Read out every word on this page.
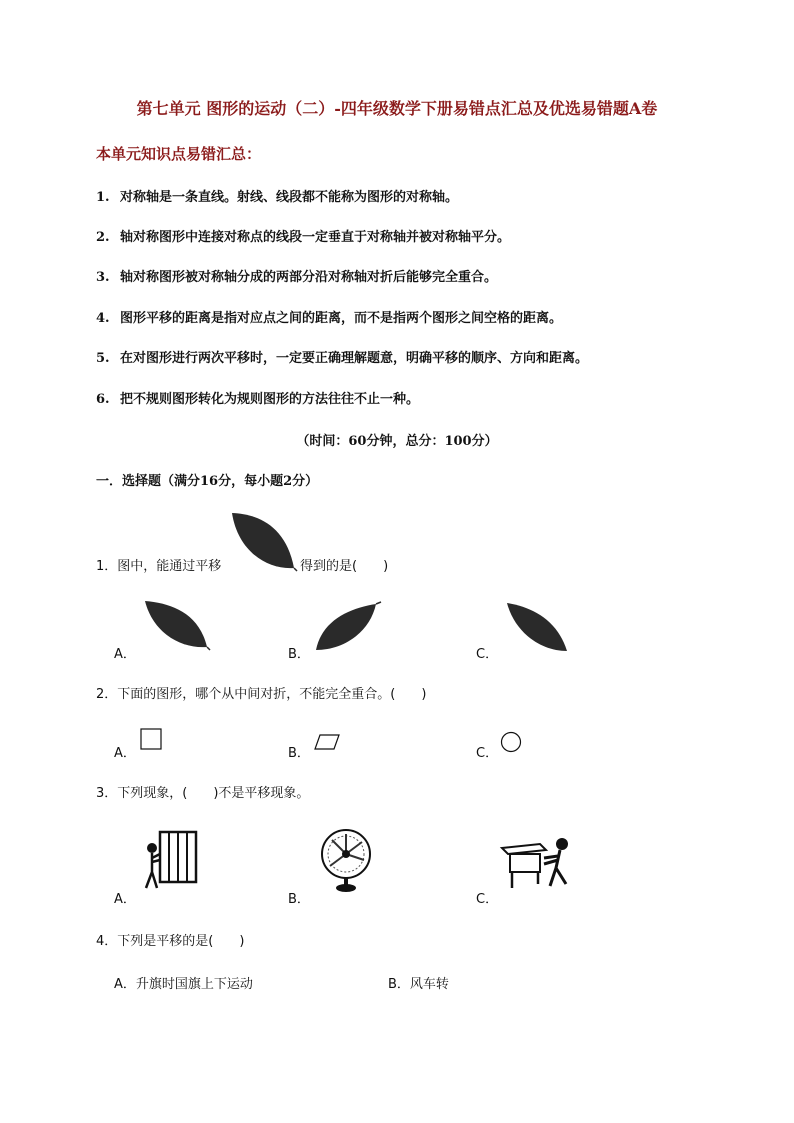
第七单元 图形的运动（二）-四年级数学下册易错点汇总及优选易错题A卷
本单元知识点易错汇总：
1. 对称轴是一条直线。射线、线段都不能称为图形的对称轴。
2. 轴对称图形中连接对称点的线段一定垂直于对称轴并被对称轴平分。
3. 轴对称图形被对称轴分成的两部分沿对称轴对折后能够完全重合。
4. 图形平移的距离是指对应点之间的距离，而不是指两个图形之间空格的距离。
5. 在对图形进行两次平移时，一定要正确理解题意，明确平移的顺序、方向和距离。
6. 把不规则图形转化为规则图形的方法往往不止一种。
（时间：60分钟，总分：100分）
一．选择题（满分16分，每小题2分）
1．图中，能通过平移	得到的是(　　)
A．	B．	C．
2．下面的图形，哪个从中间对折，不能完全重合。(　　)
A．	B．	C．
3．下列现象，(　　)不是平移现象。
A．	B．	C．
4．下列是平移的是(　　)
A．升旗时国旗上下运动	B．风车转
